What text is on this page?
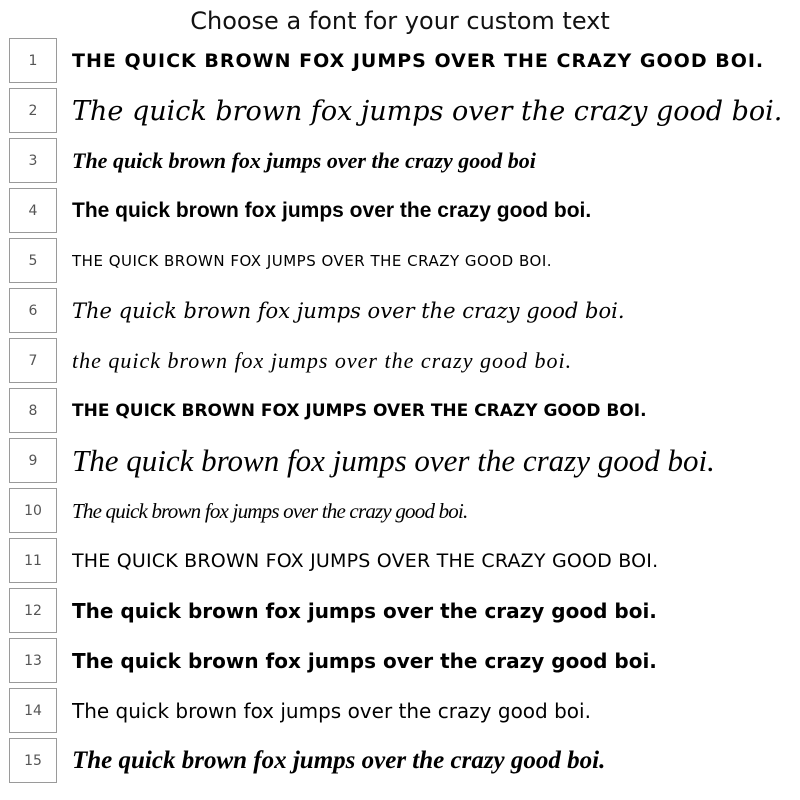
Choose a font for your custom text
1	THE QUICK BROWN FOX JUMPS OVER THE CRAZY GOOD BOI.
2	The quick brown fox jumps over the crazy good boi.
3	The quick brown fox jumps over the crazy good boi
4	The quick brown fox jumps over the crazy good boi.
5	THE QUICK BROWN FOX JUMPS OVER THE CRAZY GOOD BOI.
6	The quick brown fox jumps over the crazy good boi.
7	the quick brown fox jumps over the crazy good boi.
8	THE QUICK BROWN FOX JUMPS OVER THE CRAZY GOOD BOI.
9	The quick brown fox jumps over the crazy good boi.
10	The quick brown fox jumps over the crazy good boi.
11	THE QUICK BROWN FOX JUMPS OVER THE CRAZY GOOD BOI.
12	The quick brown fox jumps over the crazy good boi.
13	The quick brown fox jumps over the crazy good boi.
14	The quick brown fox jumps over the crazy good boi.
15	The quick brown fox jumps over the crazy good boi.
